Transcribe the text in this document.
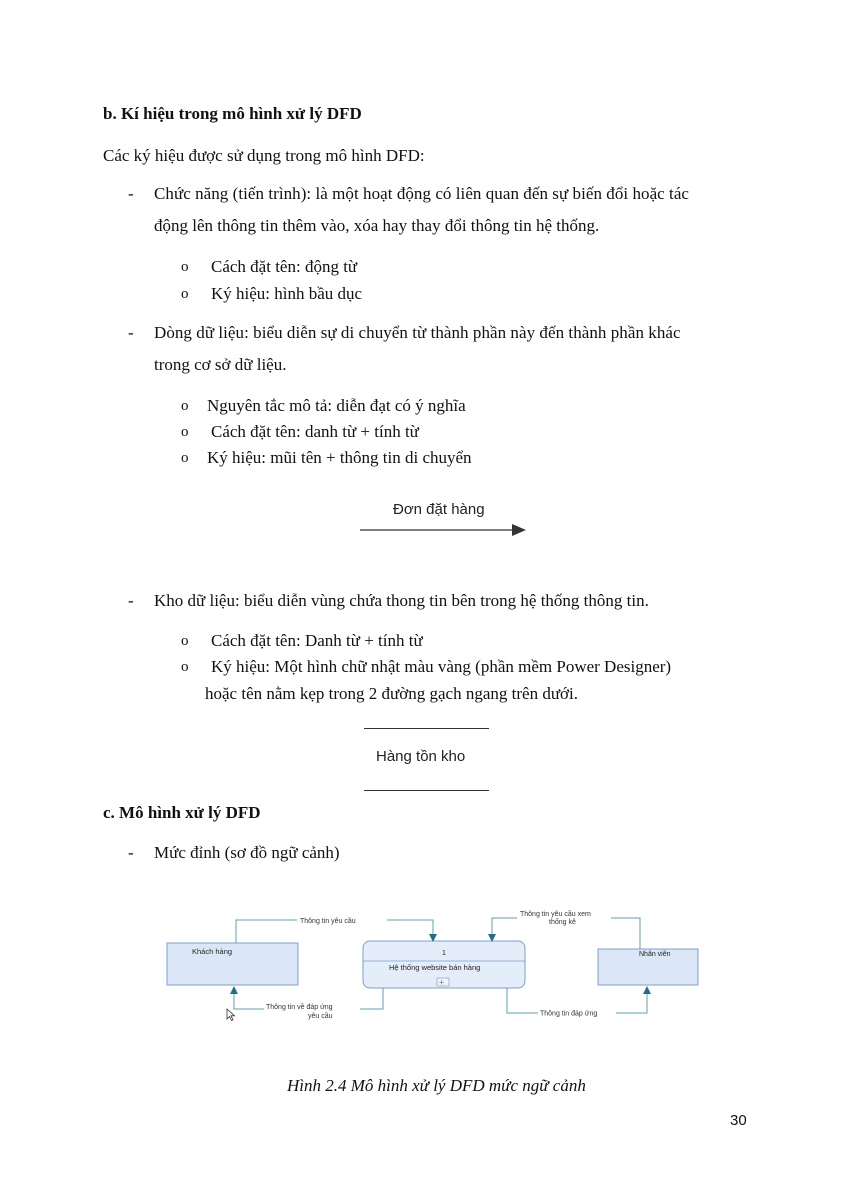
b. Kí hiệu trong mô hình xử lý DFD
Các ký hiệu được sử dụng trong mô hình DFD:
- Chức năng (tiến trình): là một hoạt động có liên quan đến sự biến đổi hoặc tác
động lên thông tin thêm vào, xóa hay thay đổi thông tin hệ thống.
o Cách đặt tên: động từ
o Ký hiệu: hình bầu dục
- Dòng dữ liệu: biểu diễn sự di chuyển từ thành phần này đến thành phần khác
trong cơ sở dữ liệu.
o Nguyên tắc mô tả: diễn đạt có ý nghĩa
o Cách đặt tên: danh từ + tính từ
o Ký hiệu: mũi tên + thông tin di chuyển
Đơn đặt hàng
- Kho dữ liệu: biểu diễn vùng chứa thong tin bên trong hệ thống thông tin.
o Cách đặt tên: Danh từ + tính từ
o Ký hiệu: Một hình chữ nhật màu vàng (phần mềm Power Designer)
hoặc tên nằm kẹp trong 2 đường gạch ngang trên dưới.
Hàng tồn kho
c. Mô hình xử lý DFD
- Mức đỉnh (sơ đồ ngữ cảnh)
Khách hàng	1
Hệ thống website bán hàng
+
Nhân viên
Thông tin yêu cầu
Thông tin về đáp ứng
yêu cầu
Thông tin yêu cầu xem
thống kê
Thông tin đáp ứng
Hình 2.4 Mô hình xử lý DFD mức ngữ cảnh
30
